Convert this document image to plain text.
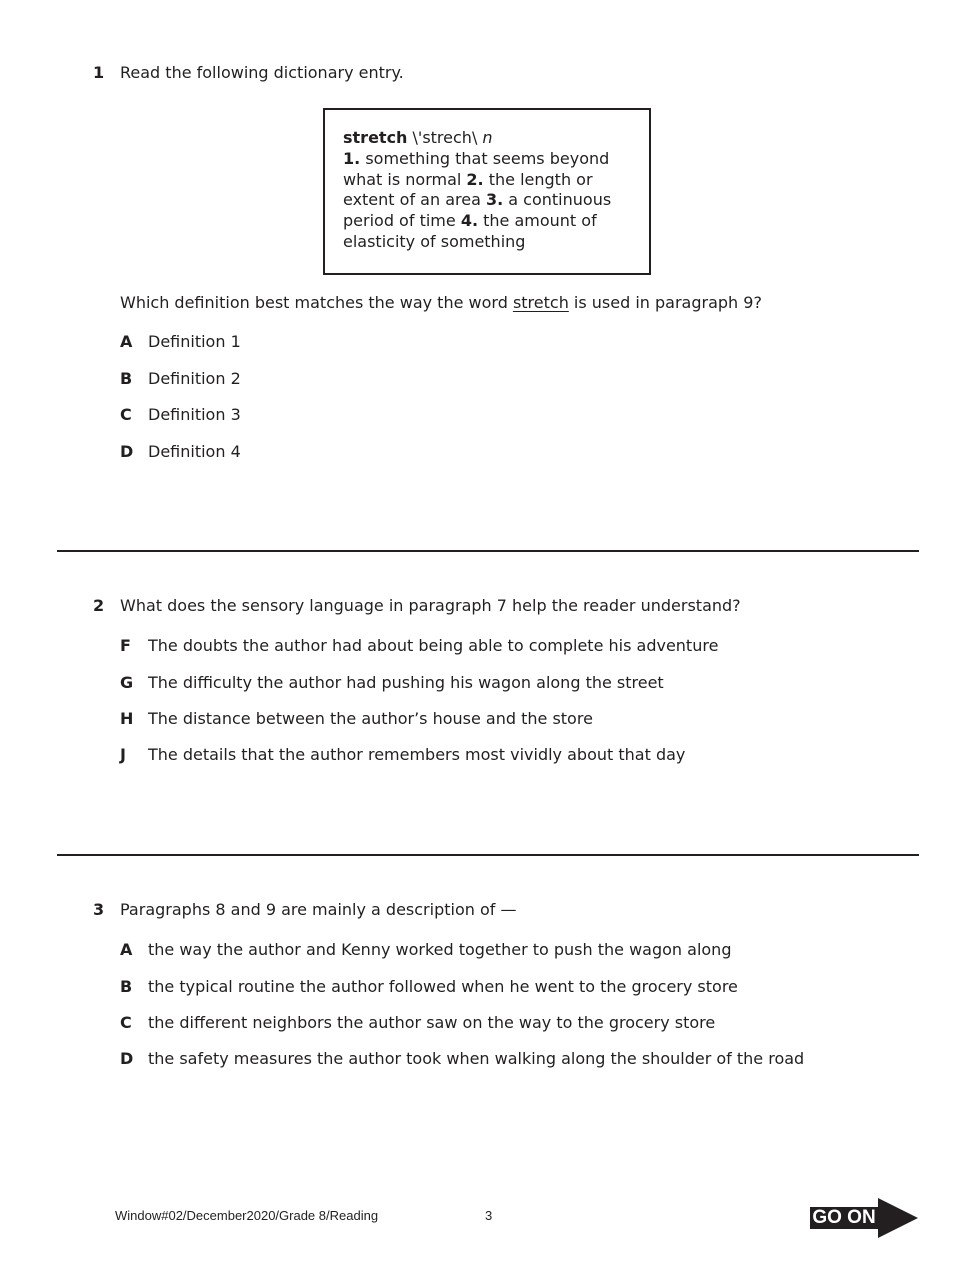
1 Read the following dictionary entry.
stretch \'strech\ n
1. something that seems beyond what is normal 2. the length or extent of an area 3. a continuous period of time 4. the amount of elasticity of something
Which definition best matches the way the word stretch is used in paragraph 9?
A Definition 1
B Definition 2
C	Definition 3
D Definition 4
2 What does the sensory language in paragraph 7 help the reader understand?
F	The doubts the author had about being able to complete his adventure
G The difficulty the author had pushing his wagon along the street
H The distance between the author’s house and the store
J	The details that the author remembers most vividly about that day
3 Paragraphs 8 and 9 are mainly a description of —
A the way the author and Kenny worked together to push the wagon along
B the typical routine the author followed when he went to the grocery store
C	the different neighbors the author saw on the way to the grocery store
D the safety measures the author took when walking along the shoulder of the road
Window#02/December2020/Grade 8/Reading	3	GO ON
